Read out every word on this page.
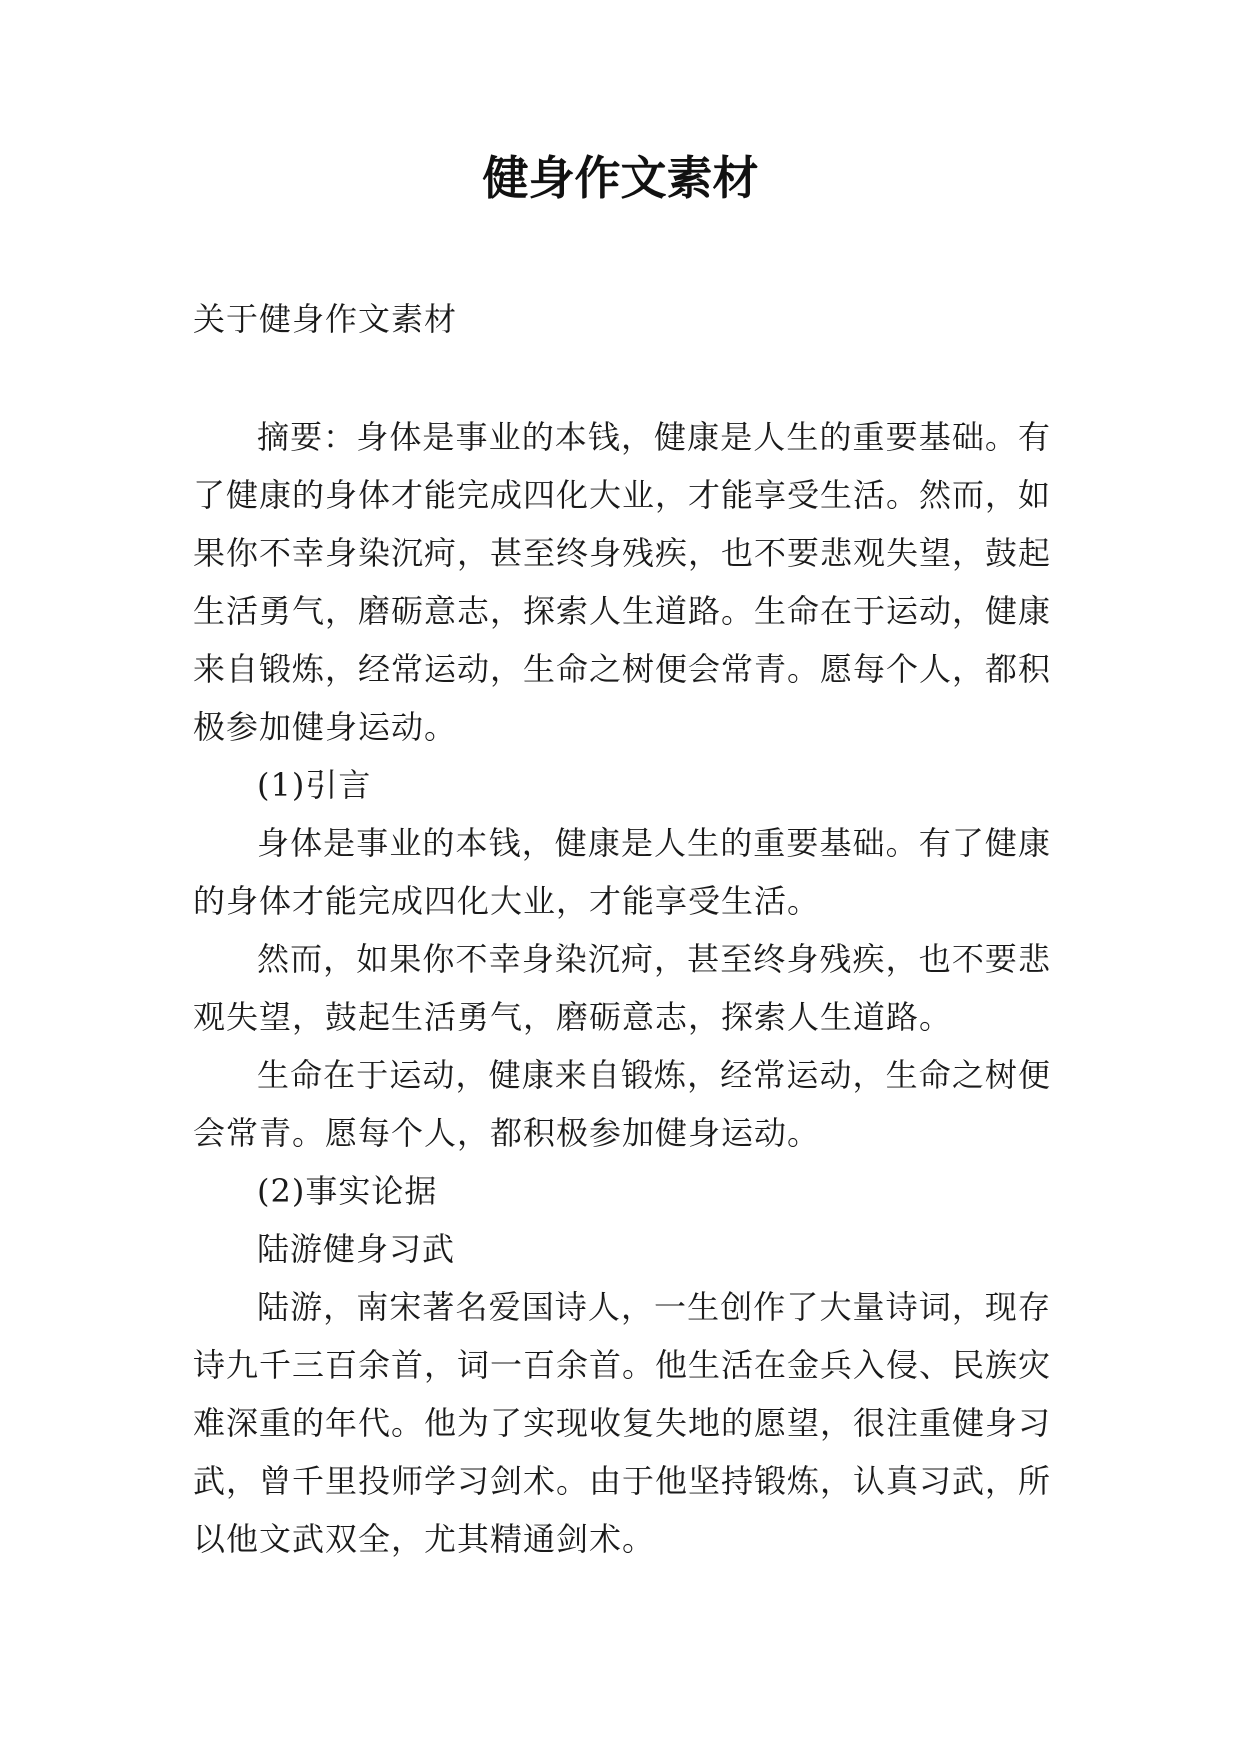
健身作文素材

关于健身作文素材

摘要：身体是事业的本钱，健康是人生的重要基础。有了健康的身体才能完成四化大业，才能享受生活。然而，如果你不幸身染沉疴，甚至终身残疾，也不要悲观失望，鼓起生活勇气，磨砺意志，探索人生道路。生命在于运动，健康来自锻炼，经常运动，生命之树便会常青。愿每个人，都积极参加健身运动。

(1)引言

身体是事业的本钱，健康是人生的重要基础。有了健康的身体才能完成四化大业，才能享受生活。

然而，如果你不幸身染沉疴，甚至终身残疾，也不要悲观失望，鼓起生活勇气，磨砺意志，探索人生道路。

生命在于运动，健康来自锻炼，经常运动，生命之树便会常青。愿每个人，都积极参加健身运动。

(2)事实论据

陆游健身习武

陆游，南宋著名爱国诗人，一生创作了大量诗词，现存诗九千三百余首，词一百余首。他生活在金兵入侵、民族灾难深重的年代。他为了实现收复失地的愿望，很注重健身习武，曾千里投师学习剑术。由于他坚持锻炼，认真习武，所以他文武双全，尤其精通剑术。
